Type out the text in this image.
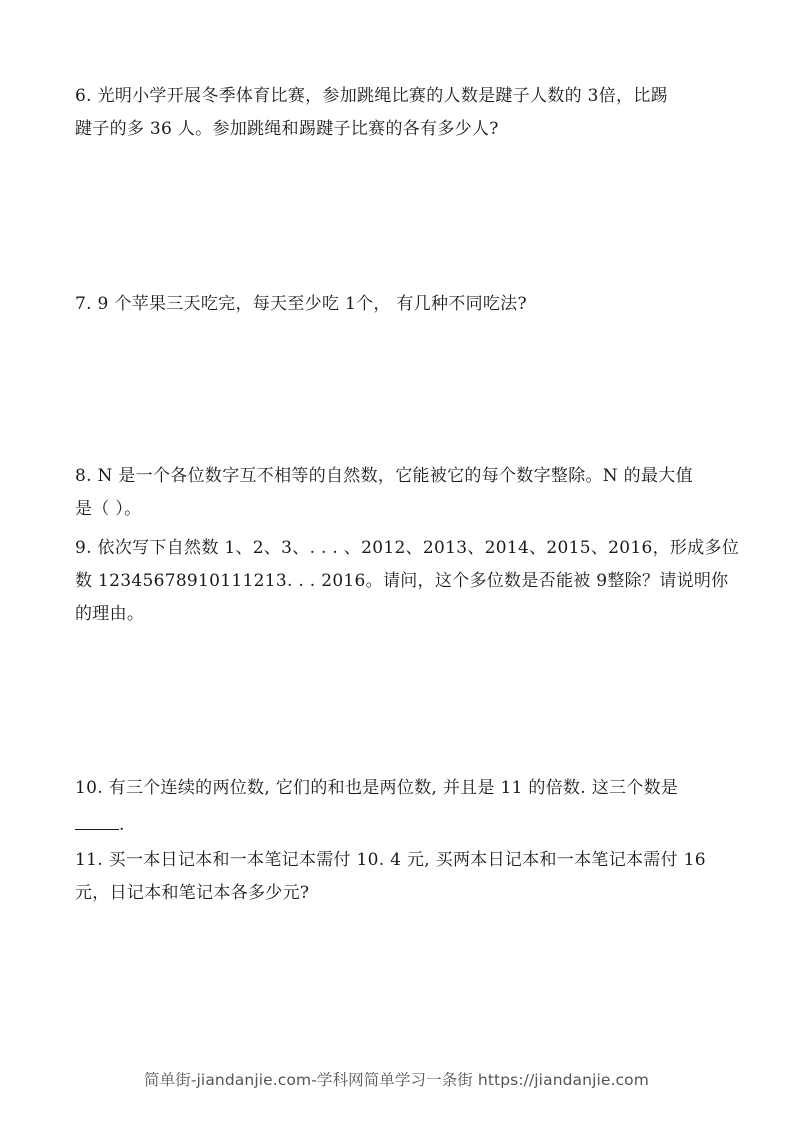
6. 光明小学开展冬季体育比赛，参加跳绳比赛的人数是踺子人数的 3倍，比踢
踺子的多 36 人。参加跳绳和踢踺子比赛的各有多少人?
7. 9 个苹果三天吃完，每天至少吃 1个， 有几种不同吃法?
8. N 是一个各位数字互不相等的自然数，它能被它的每个数字整除。N 的最大值
是（ ）。
9. 依次写下自然数 1、2、3、. . . 、2012、2013、2014、2015、2016，形成多位
数 12345678910111213. . . 2016。请问，这个多位数是否能被 9整除？请说明你
的理由。
10. 有三个连续的两位数, 它们的和也是两位数, 并且是 11 的倍数. 这三个数是
.
11. 买一本日记本和一本笔记本需付 10. 4 元, 买两本日记本和一本笔记本需付 16
元，日记本和笔记本各多少元?
简单街-jiandanjie.com-学科网简单学习一条街 https://jiandanjie.com
